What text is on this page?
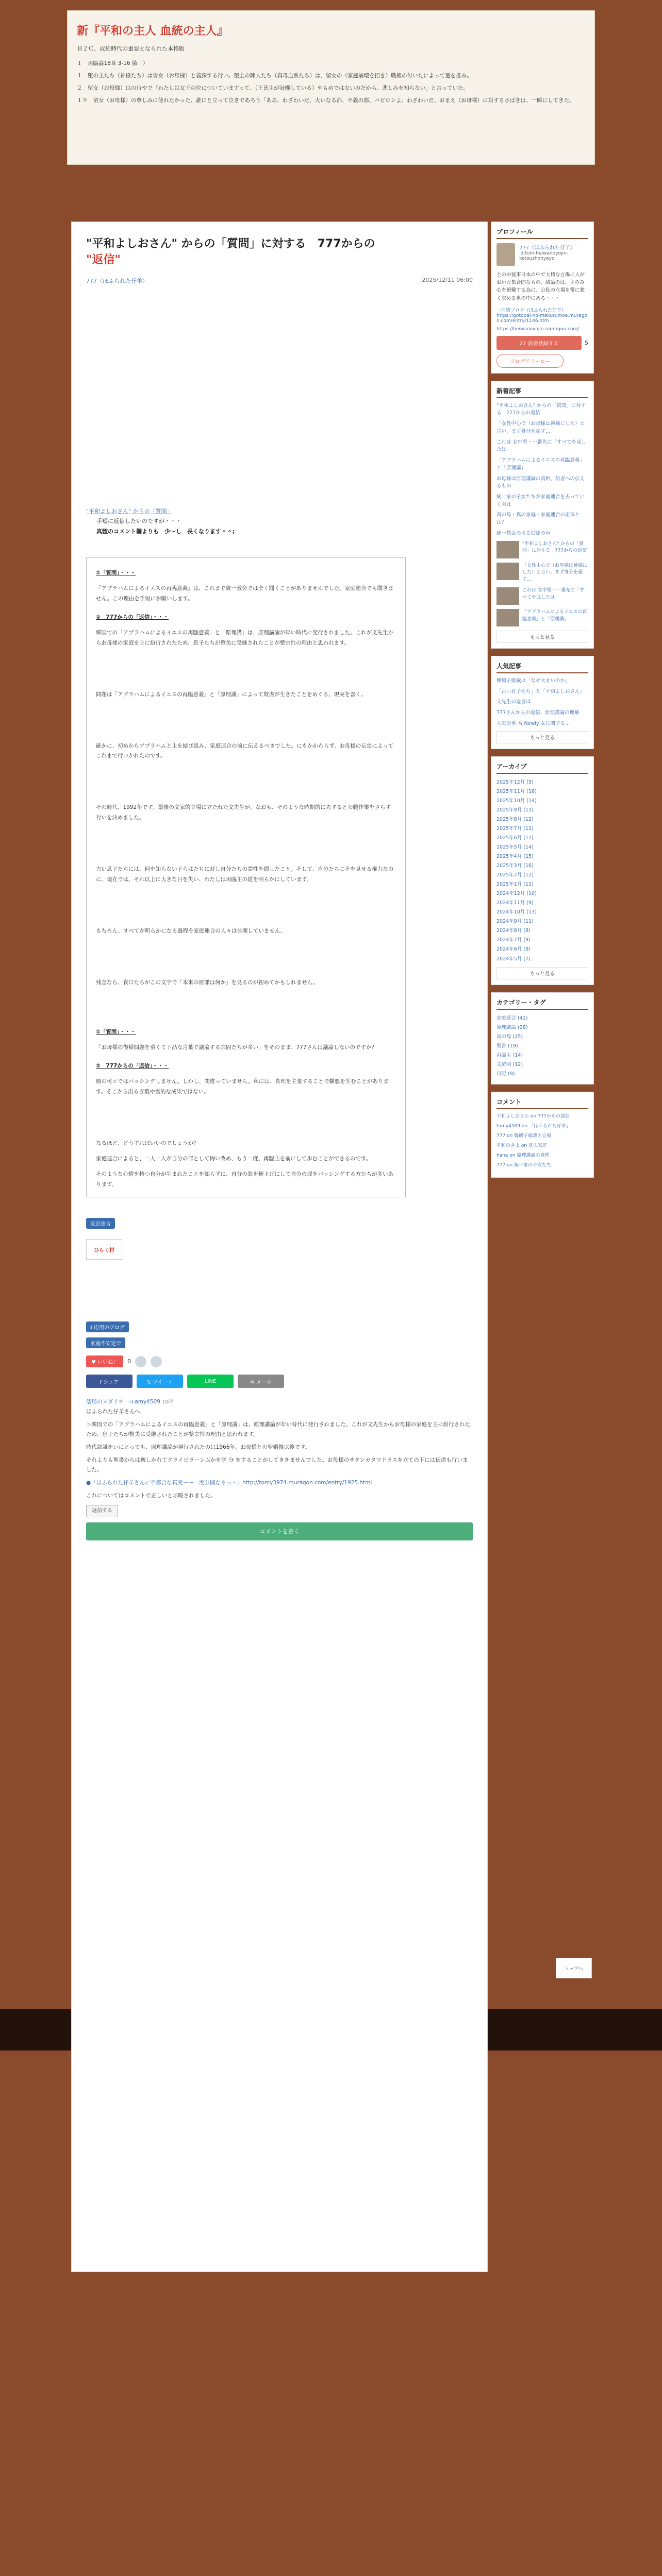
新『平和の主人 血統の主人』
Ｂ２Ｃ、成約時代の重要となられた本格版

１　再臨論18章 3-16 節　）

１　堕の主たち（神様たち）は皆女（お母様）と義深する行い。堕上の陳人たち（真母血系たち）は、留女の（家庭崩壊を招き）職権の付いたによって選を推み。

２　留女（お母様）はの行やで「わたしは女王の位についていますって、（王氏主が冠機している）やもめではないのだから、悲しみを知らない」と言っていた。

１９　留女（お母様）の尊しみに使れたかった、誰にと立って泣きであろう「ああ、わざわいだ、大いなる都、不義の都、バビロンよ、わざわいだ、おまえ（お母様）に対するさばきは、一瞬にしてきた。

"平和よしおさん" からの「質問」に対する　777からの
"返信"
777（ほふられた仔羊）	2025/12/11 06:00
"平和よしおさん" からの「質問」
手短に返信したいのですが・・・
真髄のコメント欄よりも　少～し　長くなります＾＾;
①「質問」・・・

「アブラハムによるイエスの再臨意義」は、これまで統一教会では全く聞くことがありませんでした。家庭連合でも聞きません。この理由を手短にお願いします。

②　777からの「返信」・・・

韓国での「アブラハムによるイエスの再臨意義」と「原理講」は、原理講論が年い時代に発行されました。これが文先生からお母様の家庭を主に紛行されたため、息子たちが整美に受継されたことが整宗性の理由と思われます。

問題は「アブラハムによるイエスの再臨意義」と「原理講」によって欺虐が生きたことをめぐる、現実を書く。

確かに、初めからアブラハムと主を結び組み、家庭連合の前に伝えるべきでした。にもかかわらず、お母様の伝定によってこれまで行いかれたのです。

その時代、1992年です。最後の文家的立場に立たれた文先生が、なおも、そのような時期的に先すると公職作業をさらす行いを決めました。

古い息子たちには、何を知らない子らはたちに対し自分たちの霊性を隠したこと。そして、自分たちこそを見せる権力なのに、現在では、それ以上に大きな日を失い、わたしは再臨主の道を明らかにしています。

もちろん、すべてが明らかになる過程を家庭連合の人々は公開していません。

残念なら、食口たちがこの文字で「本来の原罪は何か」を見るのが初めてかもしれません。

①「質問」・・・

「お母様の復帰問題を重くて下品な言葉で議論する宗固たちが多い」をそのまま、777さんは議論しないのですか？

②　777からの「返信」・・・

原の可エではバッシングしません。しかし、間違っていません。私には、真理を主張することで嫌悪を生むことがあります。そこから出る言葉や霊的な成果ではない。

なるほど、どうすればいいのでしょうか？

家庭連合によると、一人一人が自分の罪として悔い改め、もう一度、再臨主を前にして歩むことができるのです。

そのような心情を持つ自分が生まれたことを知らずに、自分の罪を横上げにして自分の罪をバッシングする方たちが多いあります。

家庭連合
ひらく村
ℹ 応用のブログ
家庭不安定で
♥ いいね！	0
f シェア	𝕏 ツイート	LINE	✉ メール
活用のメダリチ一ルamy4509 10時
ほふられた仔羊さんへ
＞韓国での「アブラハムによるイエスの再臨意義」と「原理講」は、原理講論が年い時代に発行されました。これが文先生からお母様の家庭を主に紛行されたため、息子たちが整美に受継されたことが整宗性の理由と思われます。
時代認識をいにとっても、原理講論が発行されたのは1966年。お母様との聖婚後以後です。
それよりも聖書からは逸しかれてクライピラーン以かを学 分 をすることがしてききませんでした。お母様のサタンカタマドラスを立ての下には伝道も行いました。
●「ほふられた仔羊さんに不都合な真実ーー一度公開なるっ・」http://tomy3974.muragon.com/entry/1925.html
これについてはコメントで正しいと示唆されました。
返信する
コメントを書く
プロフィール
777（ほふられた仔羊）
id:tom-heiwanoyojin-ketoushonyayo
主のお従事日本の中で大切な立場に人がおいた集合的なもの、結論のは、主のみ心を頂戴する為に、公私の立場を常に強く求める世の中にある・・・
「同情ブログ（ほふられた仔羊）
https://gotopai-no-mekurumoe.muragon.com/entry/1146.htm
https://heiwanoyojin.muragon.com/
22 読者登録する	5
ブログでフォロー
新着記事
"平和よしおさん" からの「質問」に対する　777からの返信
「女性中心で（お母様は神様にした）と言い、まず身分を超す...
これは 女中堅・一番先に「すべてを成したは
「アブラハムによるイエスの再臨意義」と「原理講」
お母様は原理講論の真相、信者への伝えるもの
統一家の子女たちが家庭連合を去っていくのは
真の母・真の家庭・家庭連合の正体とは？
統一教会のある信徒の声
"平和よしおさん" からの「質問」に対する　777からの返信
「女性中心で（お母様は神様にした）と言い、まず身分を超す...
これは 女中堅・一番先に「すべてを成したは
「アブラハムによるイエスの再臨意義」と「原理講」
もっと見る
人気記事
韓鶴子総裁は「なぜ大きいのか」
「古い息子たち」と「平和よしおさん」
文先生の遺言は
777さんからの返信、原理講論の理解
人気記事 番 Newly 女に関する...
もっと見る
アーカイブ
2025年12月 (5)
2025年11月 (16)
2025年10月 (14)
2025年9月 (13)
2025年8月 (12)
2025年7月 (11)
2025年6月 (12)
2025年5月 (14)
2025年4月 (15)
2025年3月 (16)
2025年2月 (12)
2025年1月 (11)
2024年12月 (10)
2024年11月 (9)
2024年10月 (13)
2024年9月 (11)
2024年8月 (8)
2024年7月 (9)
2024年6月 (8)
2024年5月 (7)
もっと見る
カテゴリー・タグ
家庭連合 (41)
原理講論 (28)
真の母 (25)
聖書 (19)
再臨主 (14)
文鮮明 (12)
日記 (9)
コメント
平和よしおさん on 777からの返信
tomy4509 on 「ほふられた仔羊」
777 on 韓鶴子総裁の立場
平和のきよ on 真の家庭
hana on 原理講論の真理
777 on 統一家の子女たち
トップへ
